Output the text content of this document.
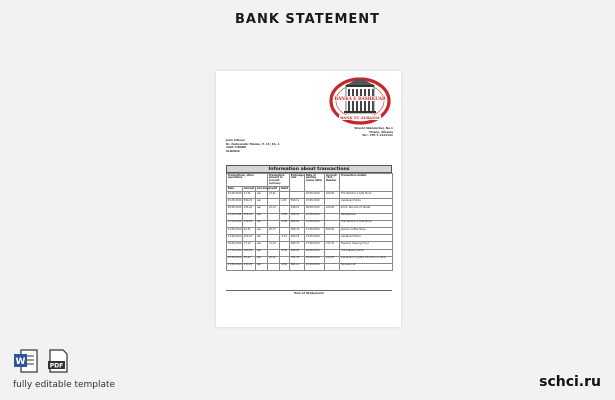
BANK STATEMENT
BANKA E BASHKUAR
BANK TU ALBANIA
Sheshi Skënderbej, No.1
Tirana, Albania
Tel.: 355 4 2222152
John Citizen
Rr. Aleksandër Moisiu, P. 15, Sh. 1
1001 TIRANE
ALBANIA
Information about transactions
Transactions, other operations			Transaction amount in account currency		Exchange rate	Date of posting (value date)	Account / Ref. / Number	Transaction details
Date	Amount	Currency	Credit	Debit				
03.08.2019	13.31	Lek	13.31			03.08.2019	100.00	The Hamdon's Cafe Store
05.08.2019	590.22	Lek		1.00	590.11	07.08.2019		Lieutenant Store
08.08.2019	105.22	Lek	10.14		498.21	08.08.2019	100.00	R.A.D. Records 21 Street
11.08.2019	956.22	Lek		-0.86	480.30	12.08.2019		Marketplace
11.08.2019	310.22	Lek		-5.80	489.26	13.08.2019		The Hamdon's Cafe Store
13.08.2019	40.31	Lek	20.77		380.74	13.08.2019	200.00	Jackson Coffee Store
13.08.2019	100.22	Lek		-0.21	480.18	14.08.2019		Lieutenant Store
16.08.2019	77.14	Lek	71.14		480.72	17.08.2019	727.41	Freedom Clearing Fund
17.08.2019	200.22	Lek		-0.58	480.95	20.08.2019		The Dressing Room
20.08.2019	20.22	Lek	10.22		191.78	20.08.2019	100.22	Lieutenant Crystals Furniture on Stow
23.08.2019	210.22	Lek		-0.80	962.12	23.08.2019		Fairview LLP
End of Statement
W	PDF
fully editable template	schci.ru
